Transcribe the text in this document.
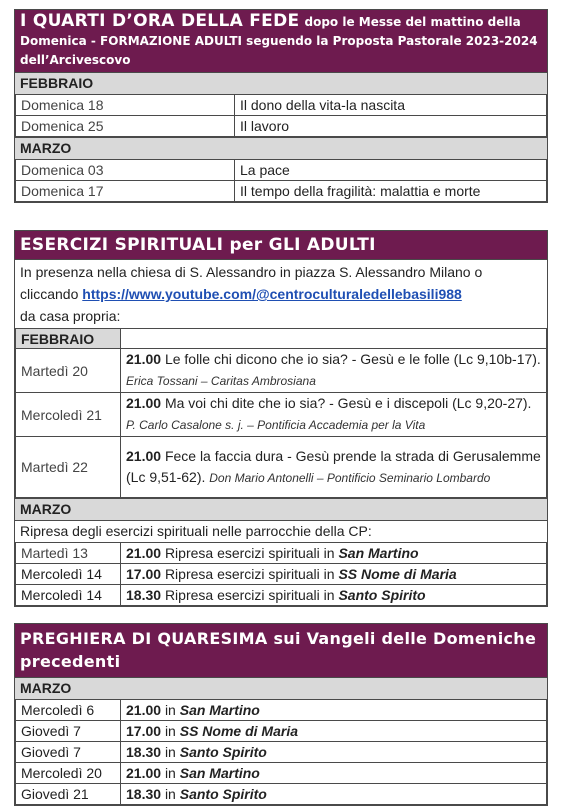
I QUARTI D’ORA DELLA FEDE dopo le Messe del mattino della Domenica - FORMAZIONE ADULTI seguendo la Proposta Pastorale 2023-2024 dell’Arcivescovo
FEBBRAIO
Domenica 18	Il dono della vita-la nascita
Domenica 25	Il lavoro
MARZO
Domenica 03	La pace
Domenica 17	Il tempo della fragilità: malattia e morte
ESERCIZI SPIRITUALI per GLI ADULTI
In presenza nella chiesa di S. Alessandro in piazza S. Alessandro Milano o cliccando https://www.youtube.com/@centroculturaledellebasili988
da casa propria:
FEBBRAIO	
Martedì 20	21.00 Le folle chi dicono che io sia? - Gesù e le folle (Lc 9,10b-17). Erica Tossani – Caritas Ambrosiana
Mercoledì 21	21.00 Ma voi chi dite che io sia? - Gesù e i discepoli (Lc 9,20-27). P. Carlo Casalone s. j. – Pontificia Accademia per la Vita
Martedì 22	21.00 Fece la faccia dura - Gesù prende la strada di Gerusalemme (Lc 9,51-62). Don Mario Antonelli – Pontificio Seminario Lombardo
MARZO
Ripresa degli esercizi spirituali nelle parrocchie della CP:
Martedì 13	21.00 Ripresa esercizi spirituali in San Martino
Mercoledì 14	17.00 Ripresa esercizi spirituali in SS Nome di Maria
Mercoledì 14	18.30 Ripresa esercizi spirituali in Santo Spirito
PREGHIERA DI QUARESIMA sui Vangeli delle Domeniche precedenti
MARZO
Mercoledì 6	21.00 in San Martino
Giovedì 7	17.00 in SS Nome di Maria
Giovedì 7	18.30 in Santo Spirito
Mercoledì 20	21.00 in San Martino
Giovedì 21	18.30 in Santo Spirito
